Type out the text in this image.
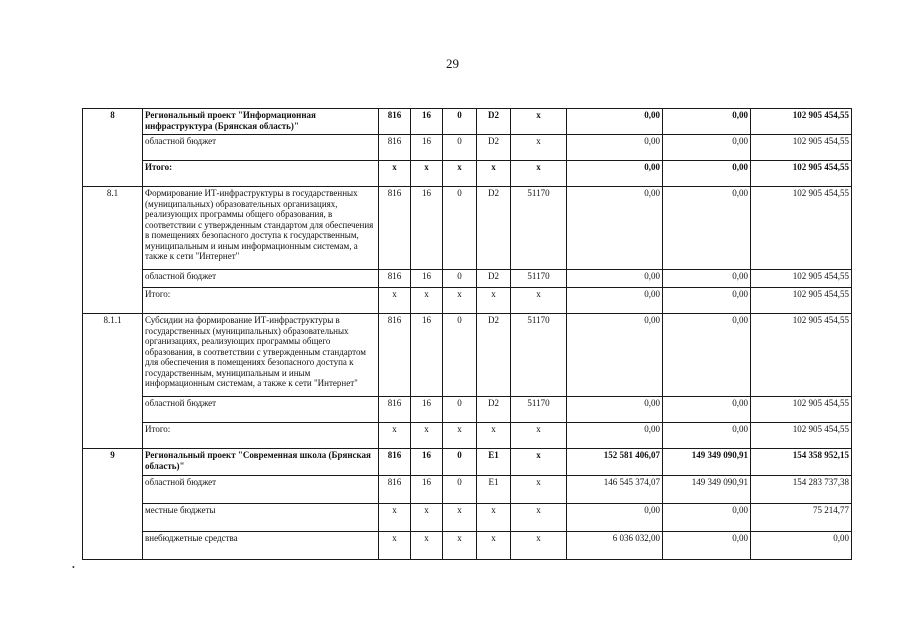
29
8	Региональный проект "Информационная инфраструктура (Брянская область)"	816	16	0	D2	х	0,00	0,00	102 905 454,55
	областной бюджет	816	16	0	D2	х	0,00	0,00	102 905 454,55
	Итого:	х	х	х	х	х	0,00	0,00	102 905 454,55
8.1	Формирование ИТ-инфраструктуры в государственных (муниципальных) образовательных организациях, реализующих программы общего образования, в соответствии с утвержденным стандартом для обеспечения в помещениях безопасного доступа к государственным, муниципальным и иным информационным системам, а также к сети "Интернет"	816	16	0	D2	51170	0,00	0,00	102 905 454,55
	областной бюджет	816	16	0	D2	51170	0,00	0,00	102 905 454,55
	Итого:	х	х	х	х	х	0,00	0,00	102 905 454,55
8.1.1	Субсидии на формирование ИТ-инфраструктуры в государственных (муниципальных) образовательных организациях, реализующих программы общего образования, в соответствии с утвержденным стандартом для обеспечения в помещениях безопасного доступа к государственным, муниципальным и иным информационным системам, а также к сети "Интернет"	816	16	0	D2	51170	0,00	0,00	102 905 454,55
	областной бюджет	816	16	0	D2	51170	0,00	0,00	102 905 454,55
	Итого:	х	х	х	х	х	0,00	0,00	102 905 454,55
9	Региональный проект "Современная школа (Брянская область)"	816	16	0	E1	х	152 581 406,07	149 349 090,91	154 358 952,15
	областной бюджет	816	16	0	E1	х	146 545 374,07	149 349 090,91	154 283 737,38
	местные бюджеты	х	х	х	х	х	0,00	0,00	75 214,77
	внебюджетные средства	х	х	х	х	х	6 036 032,00	0,00	0,00
•
